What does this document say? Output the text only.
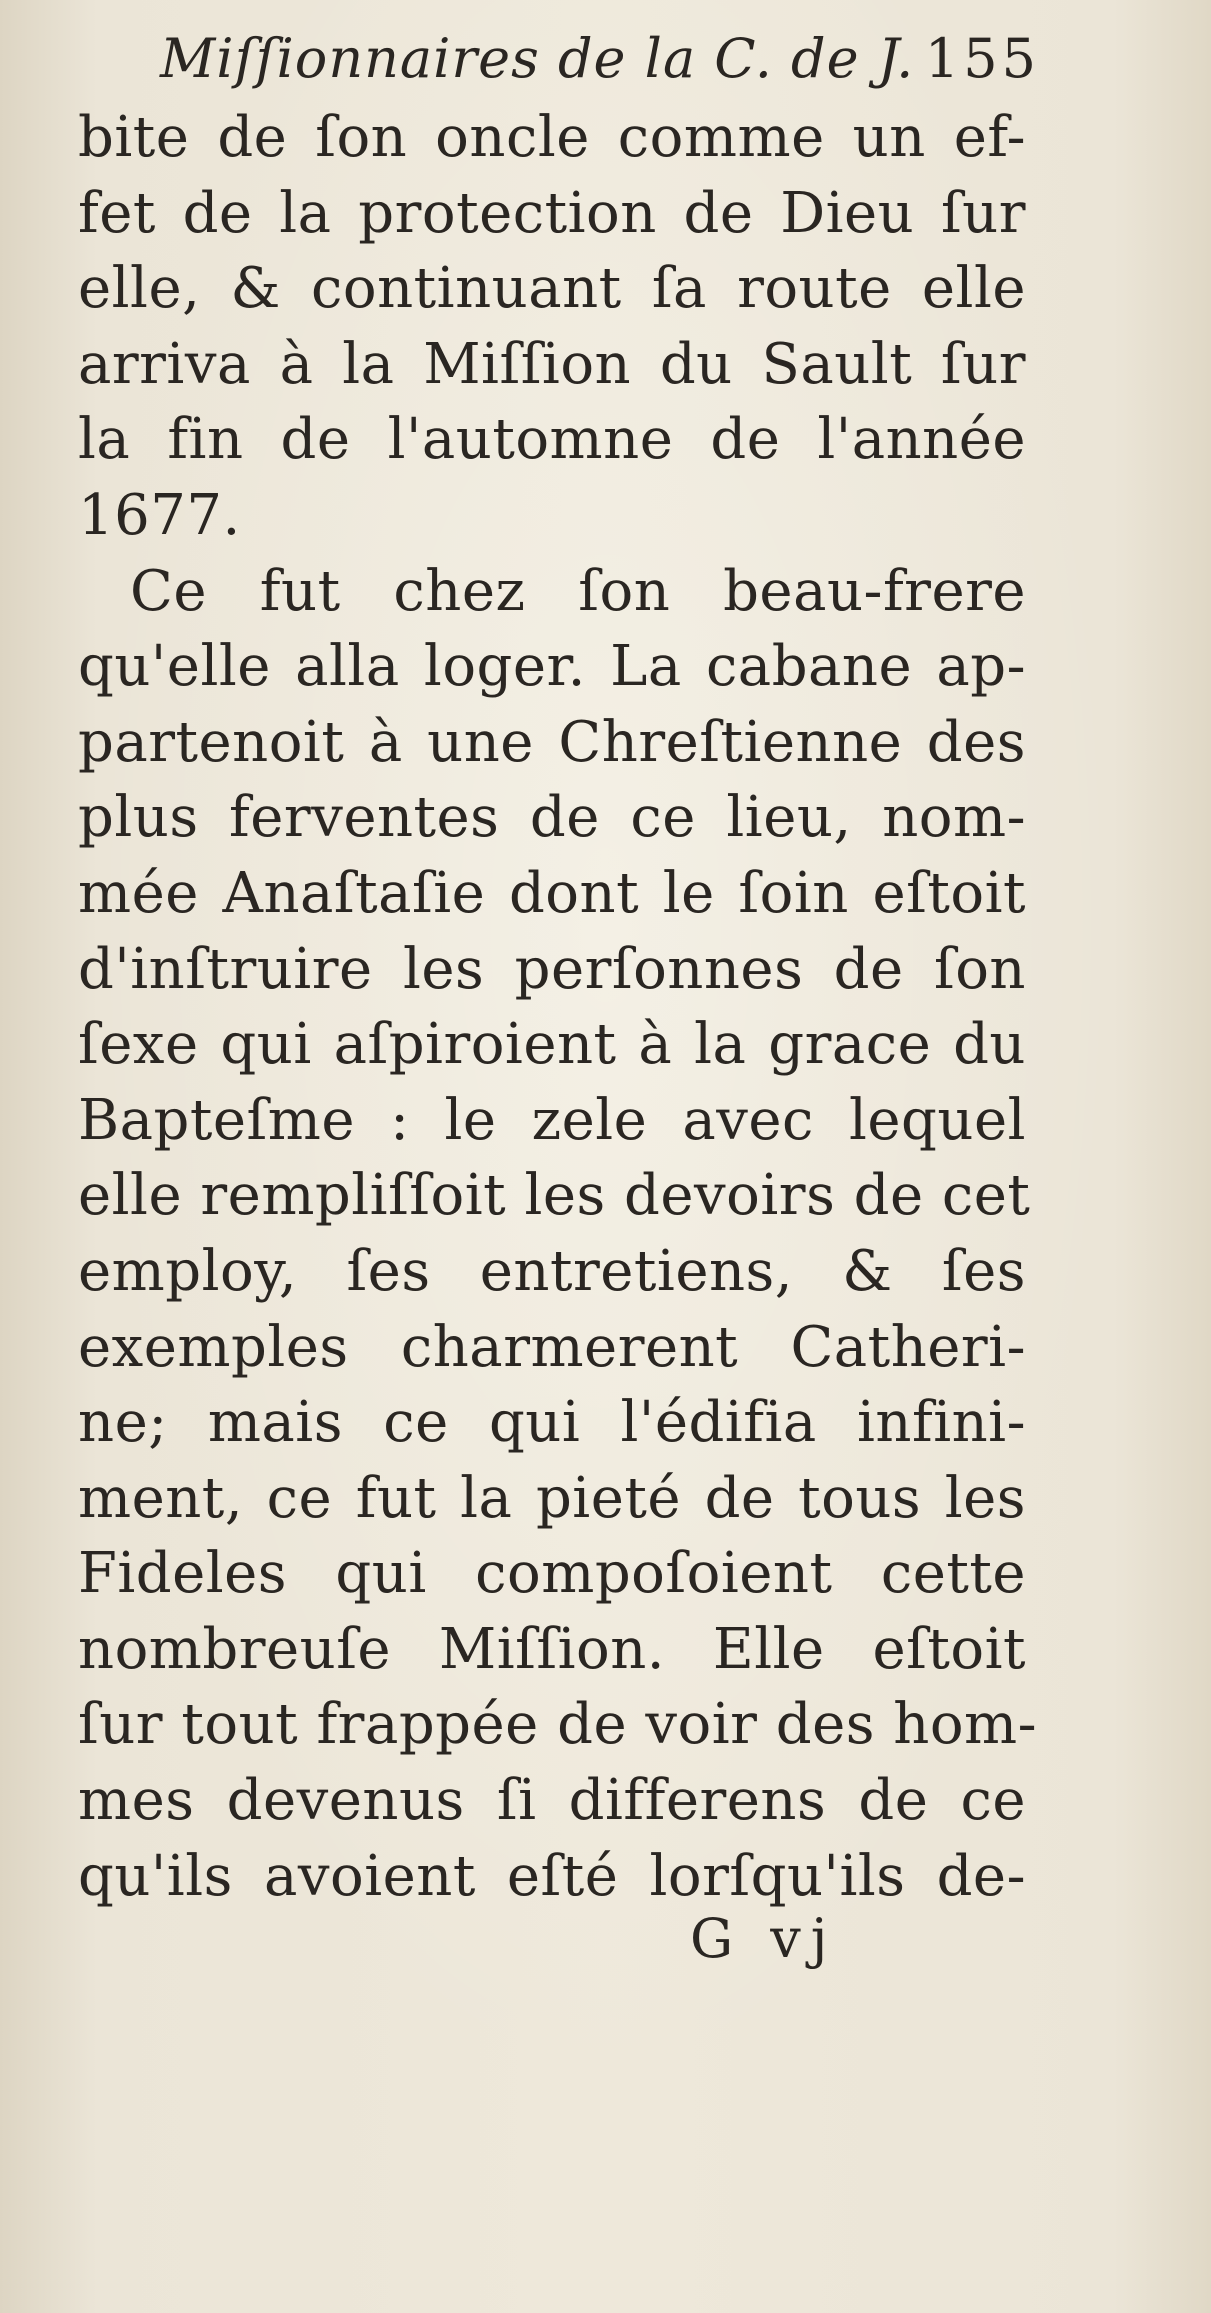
Miſſionnaires de la C. de J. 155
bite de ſon oncle comme un ef-
fet de la protection de Dieu ſur
elle, & continuant ſa route elle
arriva à la Miſſion du Sault ſur
la fin de l'automne de l'année
1677.
Ce fut chez ſon beau-frere
qu'elle alla loger. La cabane ap-
partenoit à une Chreſtienne des
plus ferventes de ce lieu, nom-
mée Anaſtaſie dont le ſoin eſtoit
d'inſtruire les perſonnes de ſon
ſexe qui aſpiroient à la grace du
Bapteſme : le zele avec lequel
elle rempliſſoit les devoirs de cet
employ, ſes entretiens, & ſes
exemples charmerent Catheri-
ne; mais ce qui l'édifia infini-
ment, ce fut la pieté de tous les
Fideles qui compoſoient cette
nombreuſe Miſſion. Elle eſtoit
ſur tout frappée de voir des hom-
mes devenus ſi differens de ce
qu'ils avoient eſté lorſqu'ils de-
G vj
